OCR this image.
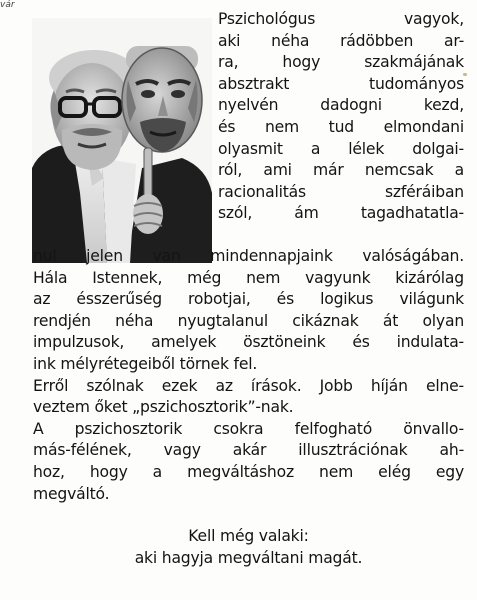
vár
Pszichológus vagyok,
aki néha rádöbben ar-
ra, hogy szakmájának
absztrakt tudományos
nyelvén dadogni kezd,
és nem tud elmondani
olyasmit a lélek dolgai-
ról, ami már nemcsak a
racionalitás szféráiban
szól, ám tagadhatatla-
nul jelen van mindennapjaink valóságában.
Hála Istennek, még nem vagyunk kizárólag
az ésszerűség robotjai, és logikus világunk
rendjén néha nyugtalanul cikáznak át olyan
impulzusok, amelyek ösztöneink és indulata-
ink mélyrétegeiből törnek fel.
Erről szólnak ezek az írások. Jobb híján elne-
veztem őket „pszichosztorik”-nak.
A pszichosztorik csokra felfogható önvallo-
más-félének, vagy akár illusztrációnak ah-
hoz, hogy a megváltáshoz nem elég egy
megváltó.
Kell még valaki:
aki hagyja megváltani magát.
